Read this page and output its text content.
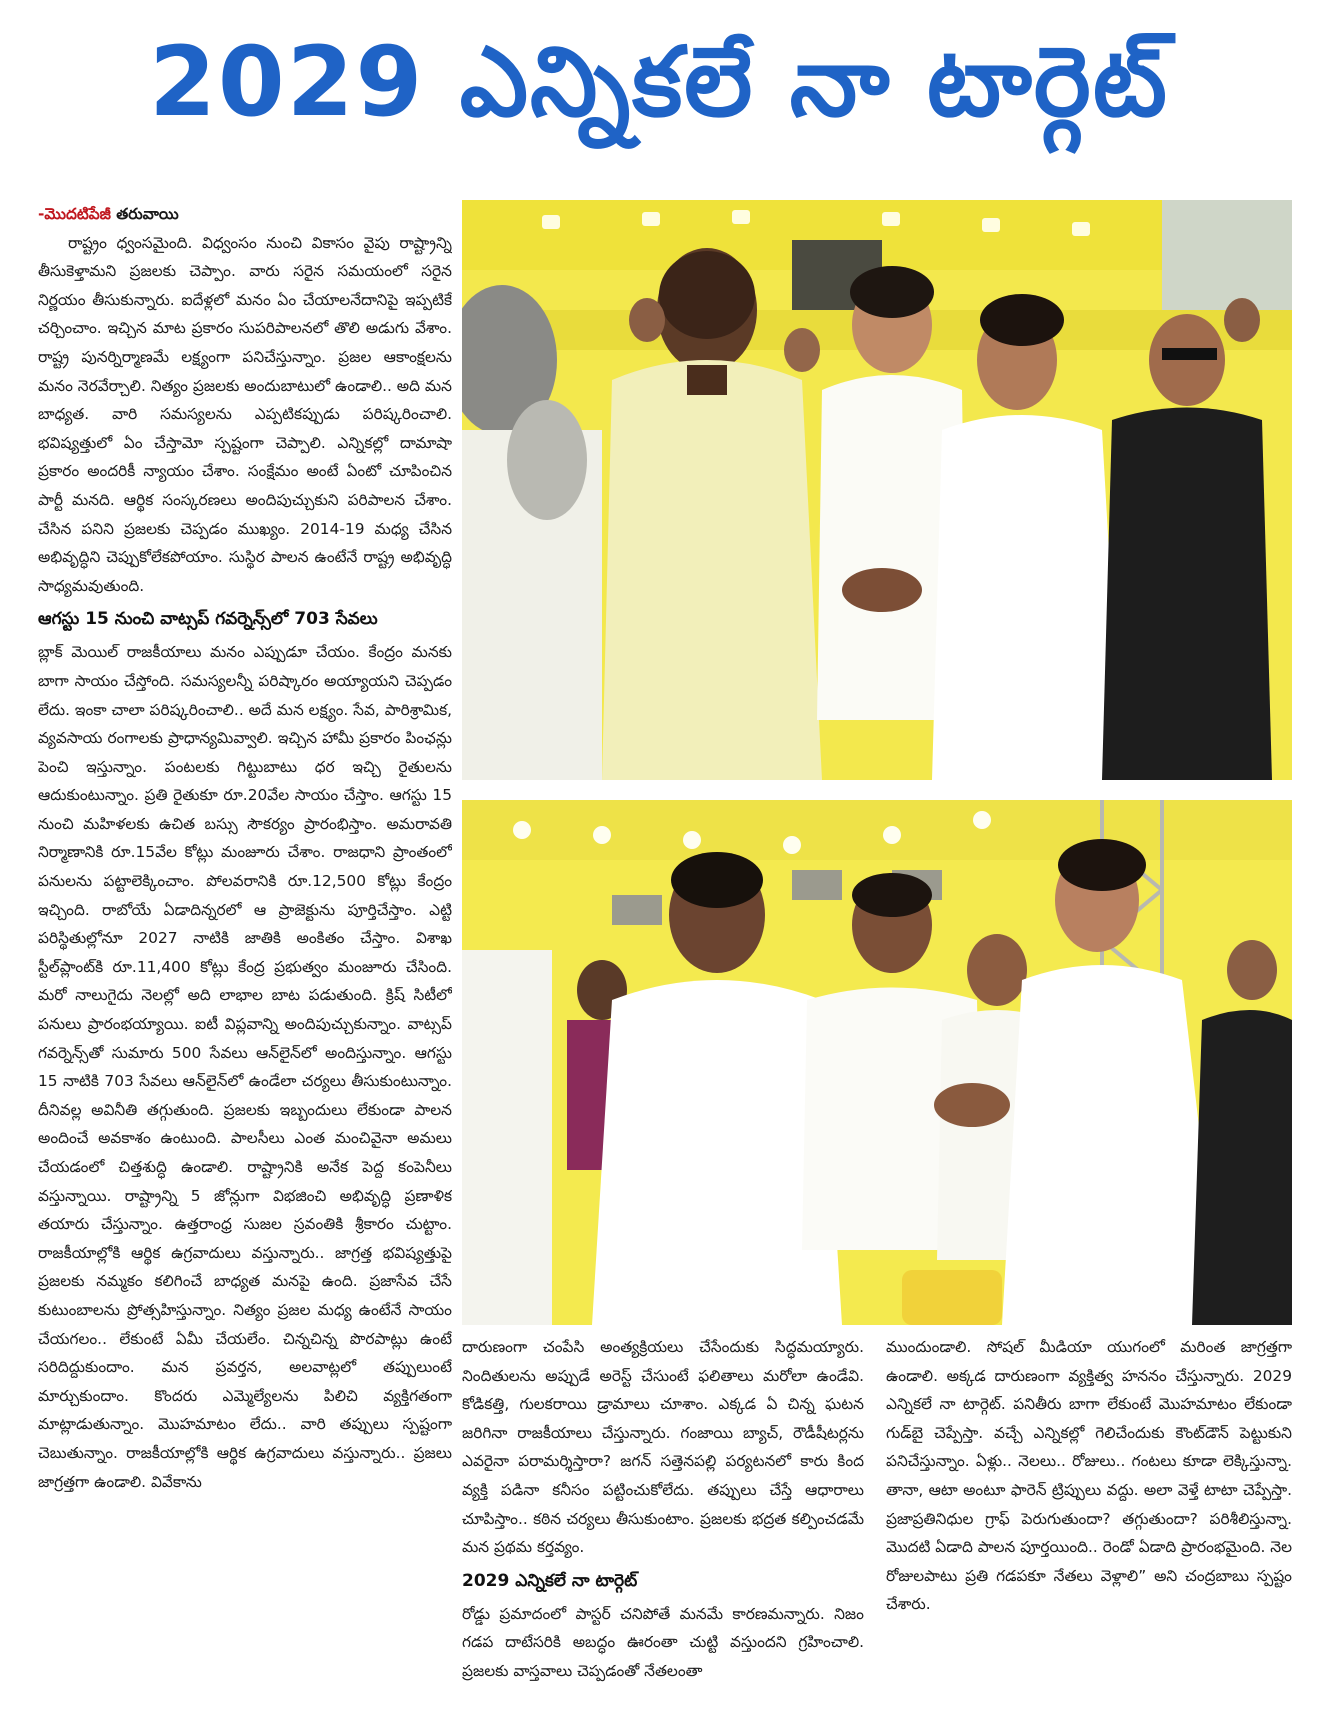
2029 ఎన్నికలే నా టార్గెట్

-మొదటిపేజీ తరువాయి

రాష్ట్రం ధ్వంసమైంది. విధ్వంసం నుంచి వికాసం వైపు రాష్ట్రాన్ని తీసుకెళ్తామని ప్రజలకు చెప్పాం. వారు సరైన సమయంలో సరైన నిర్ణయం తీసుకున్నారు. ఐదేళ్లలో మనం ఏం చేయాలనేదానిపై ఇప్పటికే చర్చించాం. ఇచ్చిన మాట ప్రకారం సుపరిపాలనలో తొలి అడుగు వేశాం. రాష్ట్ర పునర్నిర్మాణమే లక్ష్యంగా పనిచేస్తున్నాం. ప్రజల ఆకాంక్షలను మనం నెరవేర్చాలి. నిత్యం ప్రజలకు అందుబాటులో ఉండాలి.. అది మన బాధ్యత. వారి సమస్యలను ఎప్పటికప్పుడు పరిష్కరించాలి. భవిష్యత్తులో ఏం చేస్తామో స్పష్టంగా చెప్పాలి. ఎన్నికల్లో దామాషా ప్రకారం అందరికీ న్యాయం చేశాం. సంక్షేమం అంటే ఏంటో చూపించిన పార్టీ మనది. ఆర్థిక సంస్కరణలు అందిపుచ్చుకుని పరిపాలన చేశాం. చేసిన పనిని ప్రజలకు చెప్పడం ముఖ్యం. 2014-19 మధ్య చేసిన అభివృద్ధిని చెప్పుకోలేకపోయాం. సుస్థిర పాలన ఉంటేనే రాష్ట్ర అభివృద్ధి సాధ్యమవుతుంది.

ఆగస్టు 15 నుంచి వాట్సప్ గవర్నెన్స్‌లో 703 సేవలు

బ్లాక్ మెయిల్ రాజకీయాలు మనం ఎప్పుడూ చేయం. కేంద్రం మనకు బాగా సాయం చేస్తోంది. సమస్యలన్నీ పరిష్కారం అయ్యాయని చెప్పడం లేదు. ఇంకా చాలా పరిష్కరించాలి.. అదే మన లక్ష్యం. సేవ, పారిశ్రామిక, వ్యవసాయ రంగాలకు ప్రాధాన్యమివ్వాలి. ఇచ్చిన హామీ ప్రకారం పింఛన్లు పెంచి ఇస్తున్నాం. పంటలకు గిట్టుబాటు ధర ఇచ్చి రైతులను ఆదుకుంటున్నాం. ప్రతి రైతుకూ రూ.20వేల సాయం చేస్తాం. ఆగస్టు 15 నుంచి మహిళలకు ఉచిత బస్సు సౌకర్యం ప్రారంభిస్తాం. అమరావతి నిర్మాణానికి రూ.15వేల కోట్లు మంజూరు చేశాం. రాజధాని ప్రాంతంలో పనులను పట్టాలెక్కించాం. పోలవరానికి రూ.12,500 కోట్లు కేంద్రం ఇచ్చింది. రాబోయే ఏడాదిన్నరలో ఆ ప్రాజెక్టును పూర్తిచేస్తాం. ఎట్టి పరిస్థితుల్లోనూ 2027 నాటికి జాతికి అంకితం చేస్తాం. విశాఖ స్టీల్‌ప్లాంట్‌కి రూ.11,400 కోట్లు కేంద్ర ప్రభుత్వం మంజూరు చేసింది. మరో నాలుగైదు నెలల్లో అది లాభాల బాట పడుతుంది. క్రిష్ సిటీలో పనులు ప్రారంభయ్యాయి. ఐటీ విప్లవాన్ని అందిపుచ్చుకున్నాం. వాట్సప్ గవర్నెన్స్‌తో సుమారు 500 సేవలు ఆన్‌లైన్‌లో అందిస్తున్నాం. ఆగస్టు 15 నాటికి 703 సేవలు ఆన్‌లైన్‌లో ఉండేలా చర్యలు తీసుకుంటున్నాం. దీనివల్ల అవినీతి తగ్గుతుంది. ప్రజలకు ఇబ్బందులు లేకుండా పాలన అందించే అవకాశం ఉంటుంది. పాలసీలు ఎంత మంచివైనా అమలు చేయడంలో చిత్తశుద్ధి ఉండాలి. రాష్ట్రానికి అనేక పెద్ద కంపెనీలు వస్తున్నాయి. రాష్ట్రాన్ని 5 జోన్లుగా విభజించి అభివృద్ధి ప్రణాళిక తయారు చేస్తున్నాం. ఉత్తరాంధ్ర సుజల స్రవంతికి శ్రీకారం చుట్టాం. రాజకీయాల్లోకి ఆర్థిక ఉగ్రవాదులు వస్తున్నారు.. జాగ్రత్త భవిష్యత్తుపై ప్రజలకు నమ్మకం కలిగించే బాధ్యత మనపై ఉంది. ప్రజాసేవ చేసే కుటుంబాలను ప్రోత్సహిస్తున్నాం. నిత్యం ప్రజల మధ్య ఉంటేనే సాయం చేయగలం.. లేకుంటే ఏమీ చేయలేం. చిన్నచిన్న పొరపాట్లు ఉంటే సరిదిద్దుకుందాం. మన ప్రవర్తన, అలవాట్లలో తప్పులుంటే మార్చుకుందాం. కొందరు ఎమ్మెల్యేలను పిలిచి వ్యక్తిగతంగా మాట్లాడుతున్నాం. మొహమాటం లేదు.. వారి తప్పులు స్పష్టంగా చెబుతున్నాం. రాజకీయాల్లోకి ఆర్థిక ఉగ్రవాదులు వస్తున్నారు.. ప్రజలు జాగ్రత్తగా ఉండాలి. వివేకాను

దారుణంగా చంపేసి అంత్యక్రియలు చేసేందుకు సిద్ధమయ్యారు. నిందితులను అప్పుడే అరెస్ట్ చేసుంటే ఫలితాలు మరోలా ఉండేవి. కోడికత్తి, గులకరాయి డ్రామాలు చూశాం. ఎక్కడ ఏ చిన్న ఘటన జరిగినా రాజకీయాలు చేస్తున్నారు. గంజాయి బ్యాచ్, రౌడీషీటర్లను ఎవరైనా పరామర్శిస్తారా? జగన్ సత్తెనపల్లి పర్యటనలో కారు కింద వ్యక్తి పడినా కనీసం పట్టించుకోలేదు. తప్పులు చేస్తే ఆధారాలు చూపిస్తాం.. కఠిన చర్యలు తీసుకుంటాం. ప్రజలకు భద్రత కల్పించడమే మన ప్రథమ కర్తవ్యం.

2029 ఎన్నికలే నా టార్గెట్

రోడ్డు ప్రమాదంలో పాస్టర్ చనిపోతే మనమే కారణమన్నారు. నిజం గడప దాటేసరికి అబద్ధం ఊరంతా చుట్టి వస్తుందని గ్రహించాలి. ప్రజలకు వాస్తవాలు చెప్పడంతో నేతలంతా

ముందుండాలి. సోషల్ మీడియా యుగంలో మరింత జాగ్రత్తగా ఉండాలి. అక్కడ దారుణంగా వ్యక్తిత్వ హననం చేస్తున్నారు. 2029 ఎన్నికలే నా టార్గెట్. పనితీరు బాగా లేకుంటే మొహమాటం లేకుండా గుడ్‌బై చెప్పేస్తా. వచ్చే ఎన్నికల్లో గెలిచేందుకు కౌంట్‌డౌన్ పెట్టుకుని పనిచేస్తున్నాం. ఏళ్లు.. నెలలు.. రోజులు.. గంటలు కూడా లెక్కిస్తున్నా. తానా, ఆటా అంటూ ఫారెన్ ట్రిప్పులు వద్దు. అలా వెళ్తే టాటా చెప్పేస్తా. ప్రజాప్రతినిధుల గ్రాఫ్ పెరుగుతుందా? తగ్గుతుందా? పరిశీలిస్తున్నా. మొదటి ఏడాది పాలన పూర్తయింది.. రెండో ఏడాది ప్రారంభమైంది. నెల రోజులపాటు ప్రతి గడపకూ నేతలు వెళ్లాలి” అని చంద్రబాబు స్పష్టం చేశారు.
